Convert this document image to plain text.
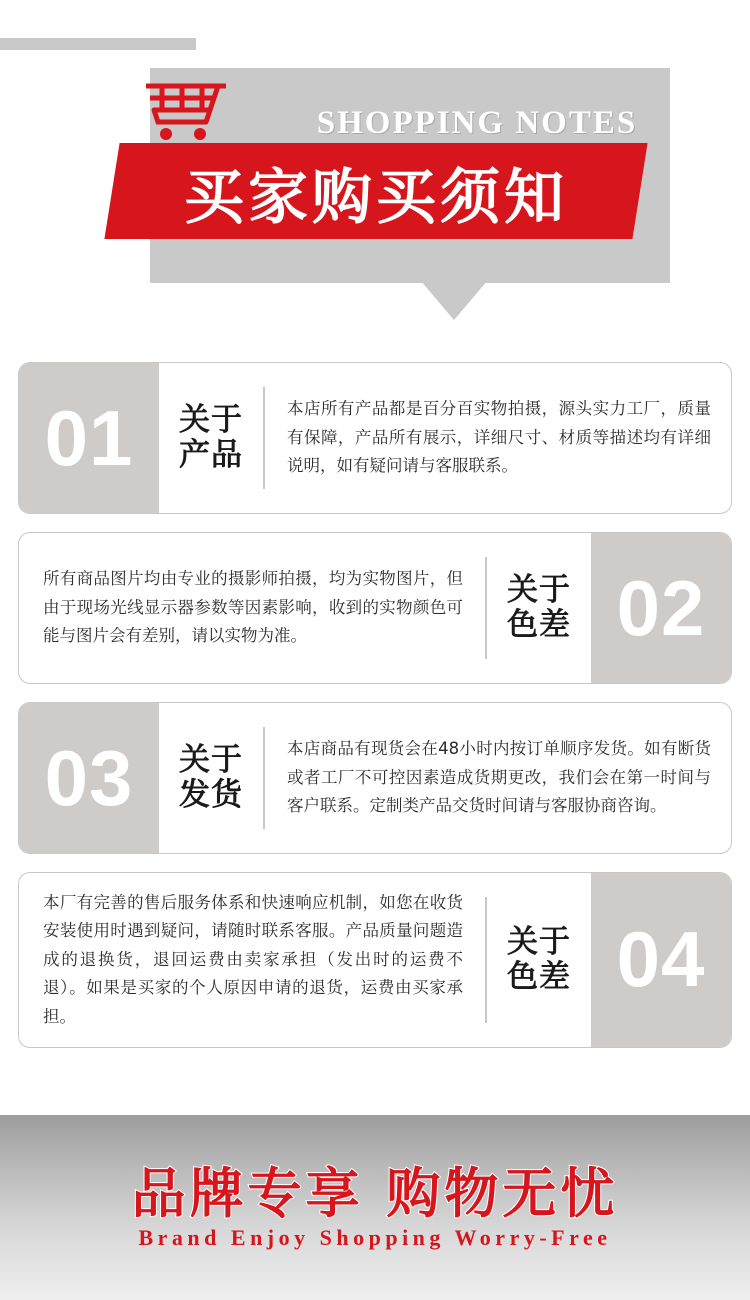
SHOPPING NOTES
买家购买须知
01 关于
产品

本店所有产品都是百分百实物拍摄，源头实力工厂，质量有保障，产品所有展示，详细尺寸、材质等描述均有详细说明，如有疑问请与客服联系。

02
关于
色差

所有商品图片均由专业的摄影师拍摄，均为实物图片，但由于现场光线显示器参数等因素影响，收到的实物颜色可能与图片会有差别，请以实物为准。

03 关于
发货

本店商品有现货会在48小时内按订单顺序发货。如有断货或者工厂不可控因素造成货期更改，我们会在第一时间与客户联系。定制类产品交货时间请与客服协商咨询。

04
关于
色差

本厂有完善的售后服务体系和快速响应机制，如您在收货安装使用时遇到疑问，请随时联系客服。产品质量问题造成的退换货，退回运费由卖家承担（发出时的运费不退）。如果是买家的个人原因申请的退货，运费由买家承担。

品牌专享 购物无忧
Brand Enjoy Shopping Worry-Free
